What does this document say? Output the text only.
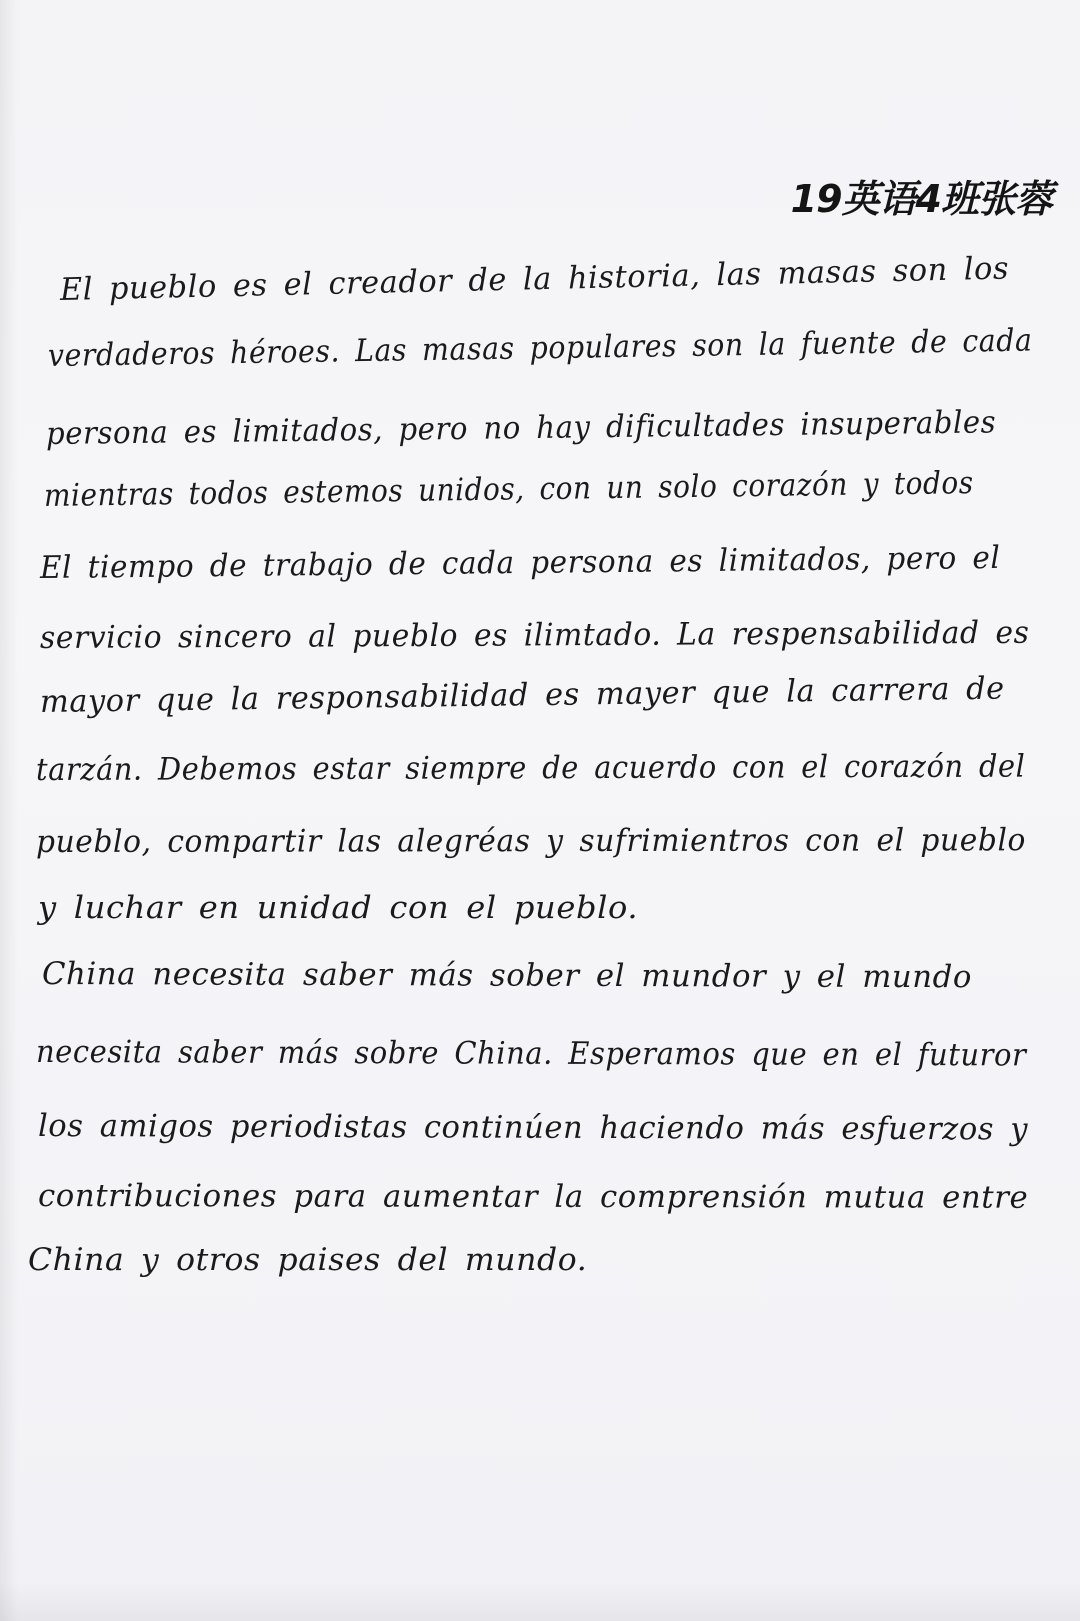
19英语4班张蓉
El pueblo es el creador de la historia, las masas son los
verdaderos héroes. Las masas populares son la fuente de cada
persona es limitados, pero no hay dificultades insuperables
mientras todos estemos unidos, con un solo corazón y todos
El tiempo de trabajo de cada persona es limitados, pero el
servicio sincero al pueblo es ilimtado. La respensabilidad es
mayor que la responsabilidad es mayer que la carrera de
tarzán. Debemos estar siempre de acuerdo con el corazón del
pueblo, compartir las alegréas y sufrimientros con el pueblo
y luchar en unidad con el pueblo.
China necesita saber más sober el mundor y el mundo
necesita saber más sobre China. Esperamos que en el futuror
los amigos periodistas continúen haciendo más esfuerzos y
contribuciones para aumentar la comprensión mutua entre
China y otros paises del mundo.
